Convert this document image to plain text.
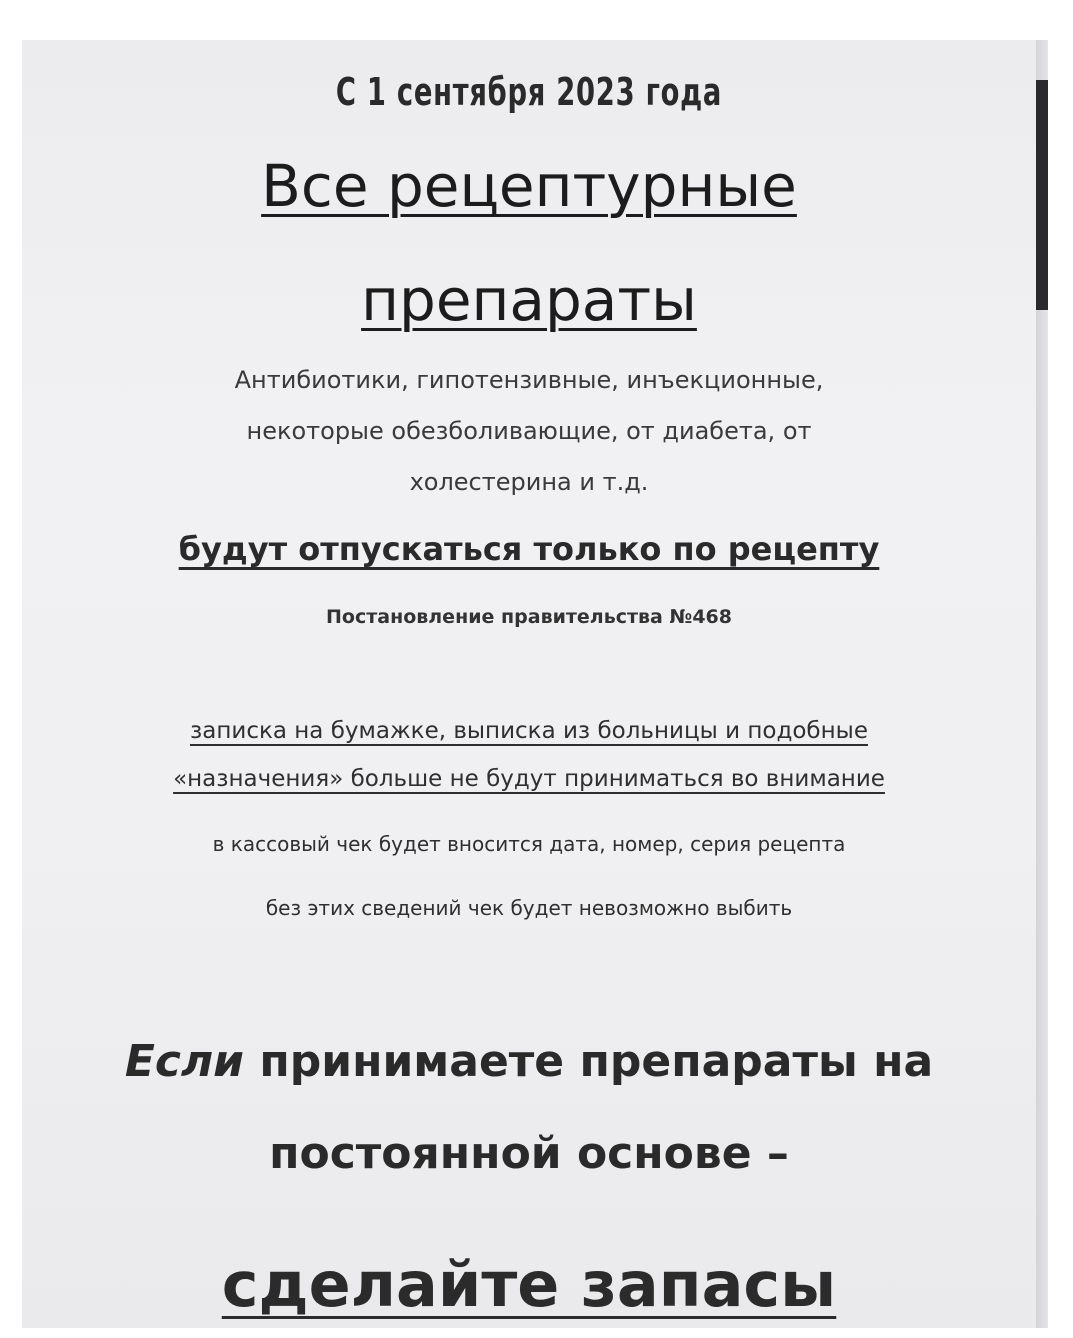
С 1 сентября 2023 года
Все рецептурные
препараты
Антибиотики, гипотензивные, инъекционные,
некоторые обезболивающие, от диабета, от
холестерина и т.д.
будут отпускаться только по рецепту
Постановление правительства №468
записка на бумажке, выписка из больницы и подобные
«назначения» больше не будут приниматься во внимание
в кассовый чек будет вносится дата, номер, серия рецепта
без этих сведений чек будет невозможно выбить
Если принимаете препараты на
постоянной основе –
сделайте запасы
